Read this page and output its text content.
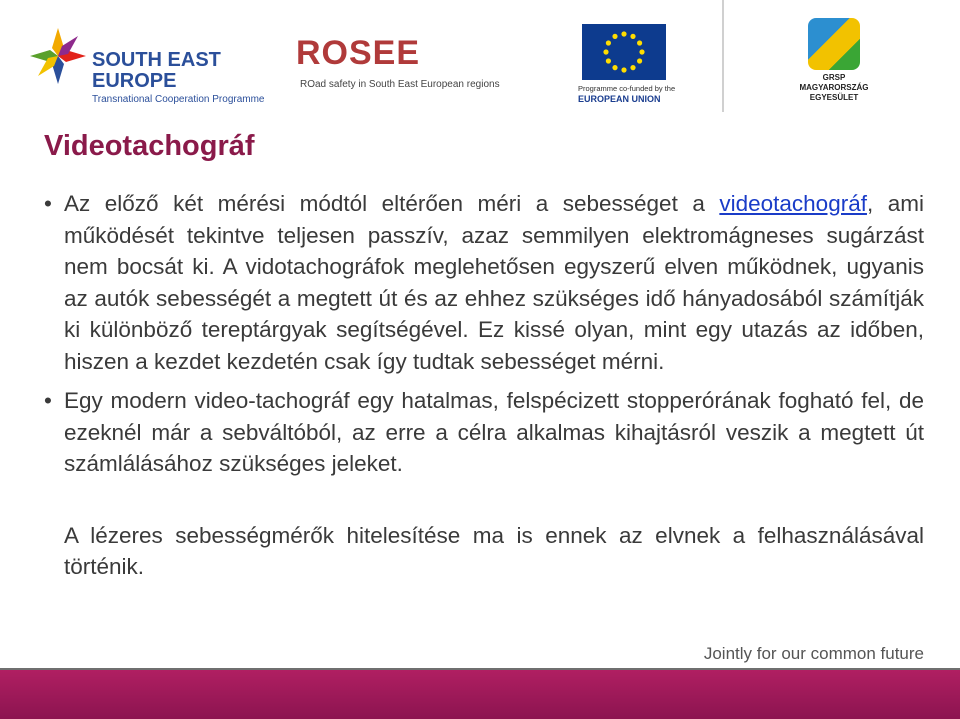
SOUTH EAST
EUROPE
Transnational Cooperation Programme
ROSEE
ROad safety in South East European regions	Programme co-funded by the
EUROPEAN UNION
GRSP
MAGYARORSZÁG
EGYESÜLET
Videotachográf
• Az előző két mérési módtól eltérően méri a sebességet a videotachográf, ami működését tekintve teljesen passzív, azaz semmilyen elektromágneses sugárzást nem bocsát ki. A vidotachográfok meglehetősen egyszerű elven működnek, ugyanis az autók sebességét a megtett út és az ehhez szükséges idő hányadosából számítják ki különböző tereptárgyak segítségével. Ez kissé olyan, mint egy utazás az időben, hiszen a kezdet kezdetén csak így tudtak sebességet mérni.
• Egy modern video-tachográf egy hatalmas, felspécizett stopperórának fogható fel, de ezeknél már a sebváltóból, az erre a célra alkalmas kihajtásról veszik a megtett út számlálásához szükséges jeleket.
A lézeres sebességmérők hitelesítése ma is ennek az elvnek a felhasználásával történik.
Jointly for our common future
